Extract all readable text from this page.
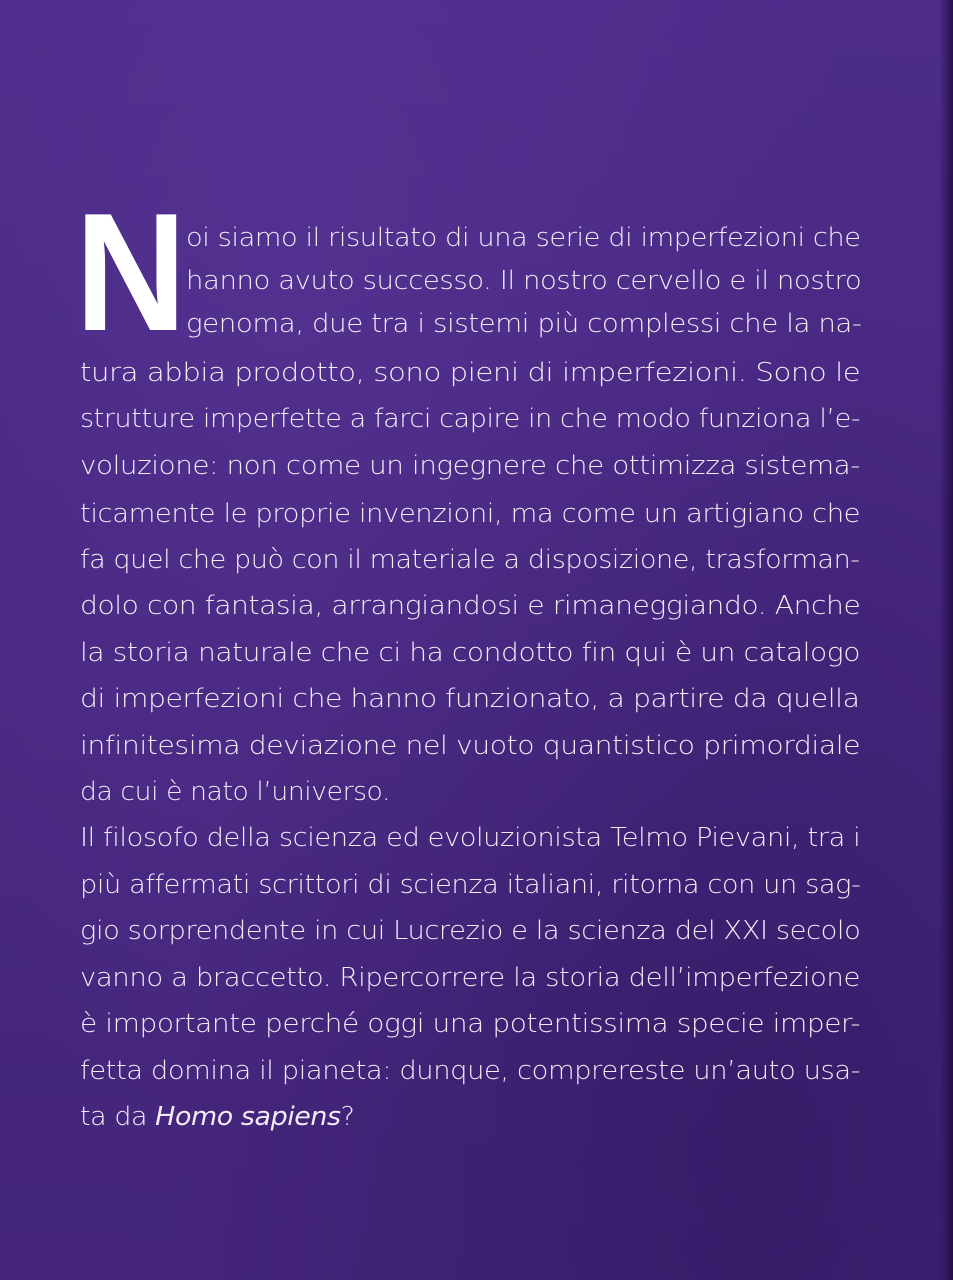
N oi siamo il risultato di una serie di imperfezioni che
hanno avuto successo. Il nostro cervello e il nostro
genoma, due tra i sistemi più complessi che la na-
tura abbia prodotto, sono pieni di imperfezioni. Sono le
strutture imperfette a farci capire in che modo funziona l’e-
voluzione: non come un ingegnere che ottimizza sistema-
ticamente le proprie invenzioni, ma come un artigiano che
fa quel che può con il materiale a disposizione, trasforman-
dolo con fantasia, arrangiandosi e rimaneggiando. Anche
la storia naturale che ci ha condotto fin qui è un catalogo
di imperfezioni che hanno funzionato, a partire da quella
infinitesima deviazione nel vuoto quantistico primordiale
da cui è nato l’universo.
Il filosofo della scienza ed evoluzionista Telmo Pievani, tra i
più affermati scrittori di scienza italiani, ritorna con un sag-
gio sorprendente in cui Lucrezio e la scienza del XXI secolo
vanno a braccetto. Ripercorrere la storia dell’imperfezione
è importante perché oggi una potentissima specie imper-
fetta domina il pianeta: dunque, comprereste un’auto usa-
ta da Homo sapiens?
